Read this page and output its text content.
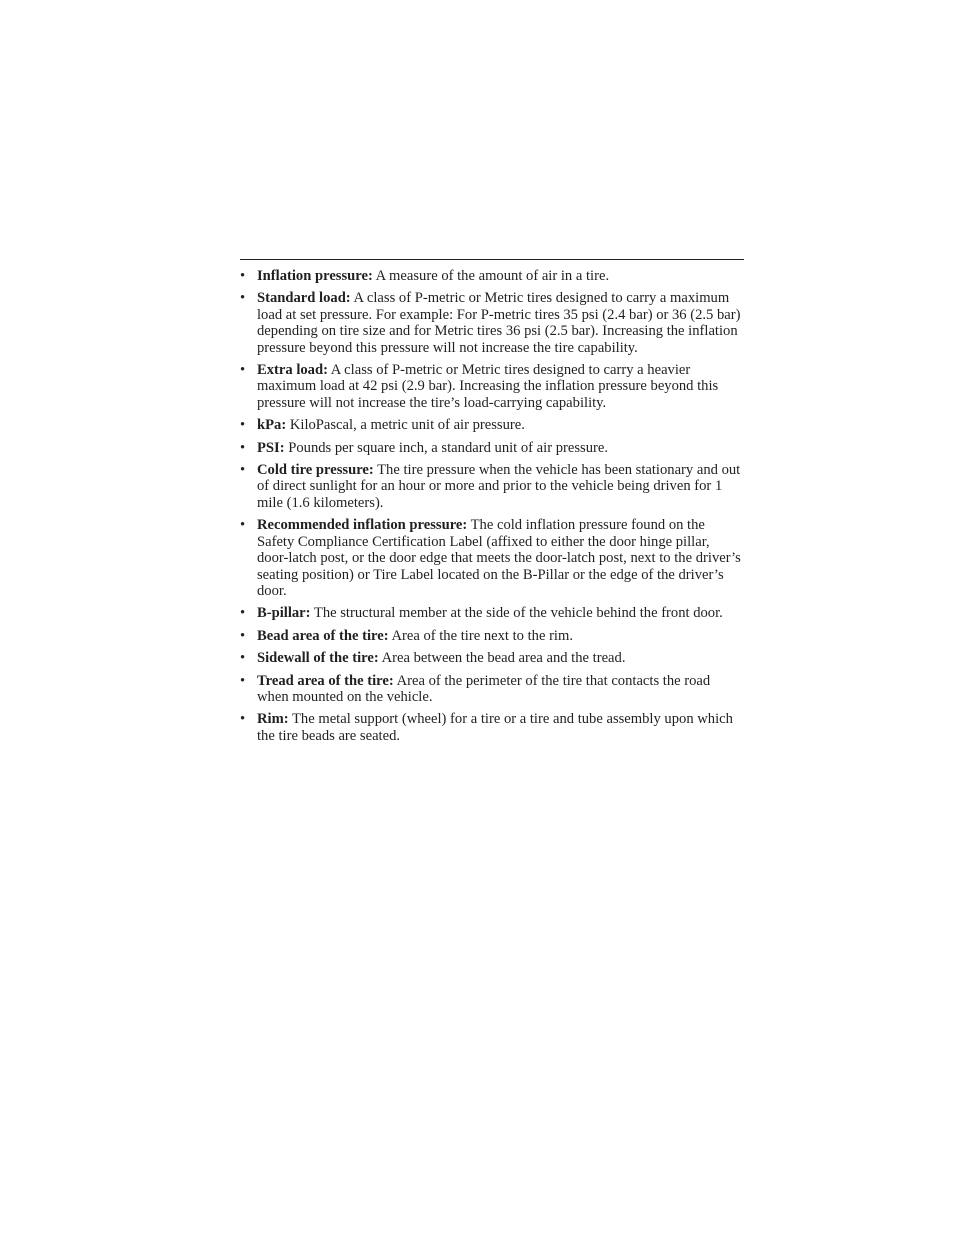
• Inflation pressure: A measure of the amount of air in a tire.
• Standard load: A class of P-metric or Metric tires designed to carry a maximum load at set pressure. For example: For P-metric tires 35 psi (2.4 bar) or 36 (2.5 bar) depending on tire size and for Metric tires 36 psi (2.5 bar). Increasing the inflation pressure beyond this pressure will not increase the tire capability.
• Extra load: A class of P-metric or Metric tires designed to carry a heavier maximum load at 42 psi (2.9 bar). Increasing the inflation pressure beyond this pressure will not increase the tire’s load-carrying capability.
• kPa: KiloPascal, a metric unit of air pressure.
• PSI: Pounds per square inch, a standard unit of air pressure.
• Cold tire pressure: The tire pressure when the vehicle has been stationary and out of direct sunlight for an hour or more and prior to the vehicle being driven for 1 mile (1.6 kilometers).
• Recommended inflation pressure: The cold inflation pressure found on the Safety Compliance Certification Label (affixed to either the door hinge pillar, door-latch post, or the door edge that meets the door-latch post, next to the driver’s seating position) or Tire Label located on the B-Pillar or the edge of the driver’s door.
• B-pillar: The structural member at the side of the vehicle behind the front door.
• Bead area of the tire: Area of the tire next to the rim.
• Sidewall of the tire: Area between the bead area and the tread.
• Tread area of the tire: Area of the perimeter of the tire that contacts the road when mounted on the vehicle.
• Rim: The metal support (wheel) for a tire or a tire and tube assembly upon which the tire beads are seated.
